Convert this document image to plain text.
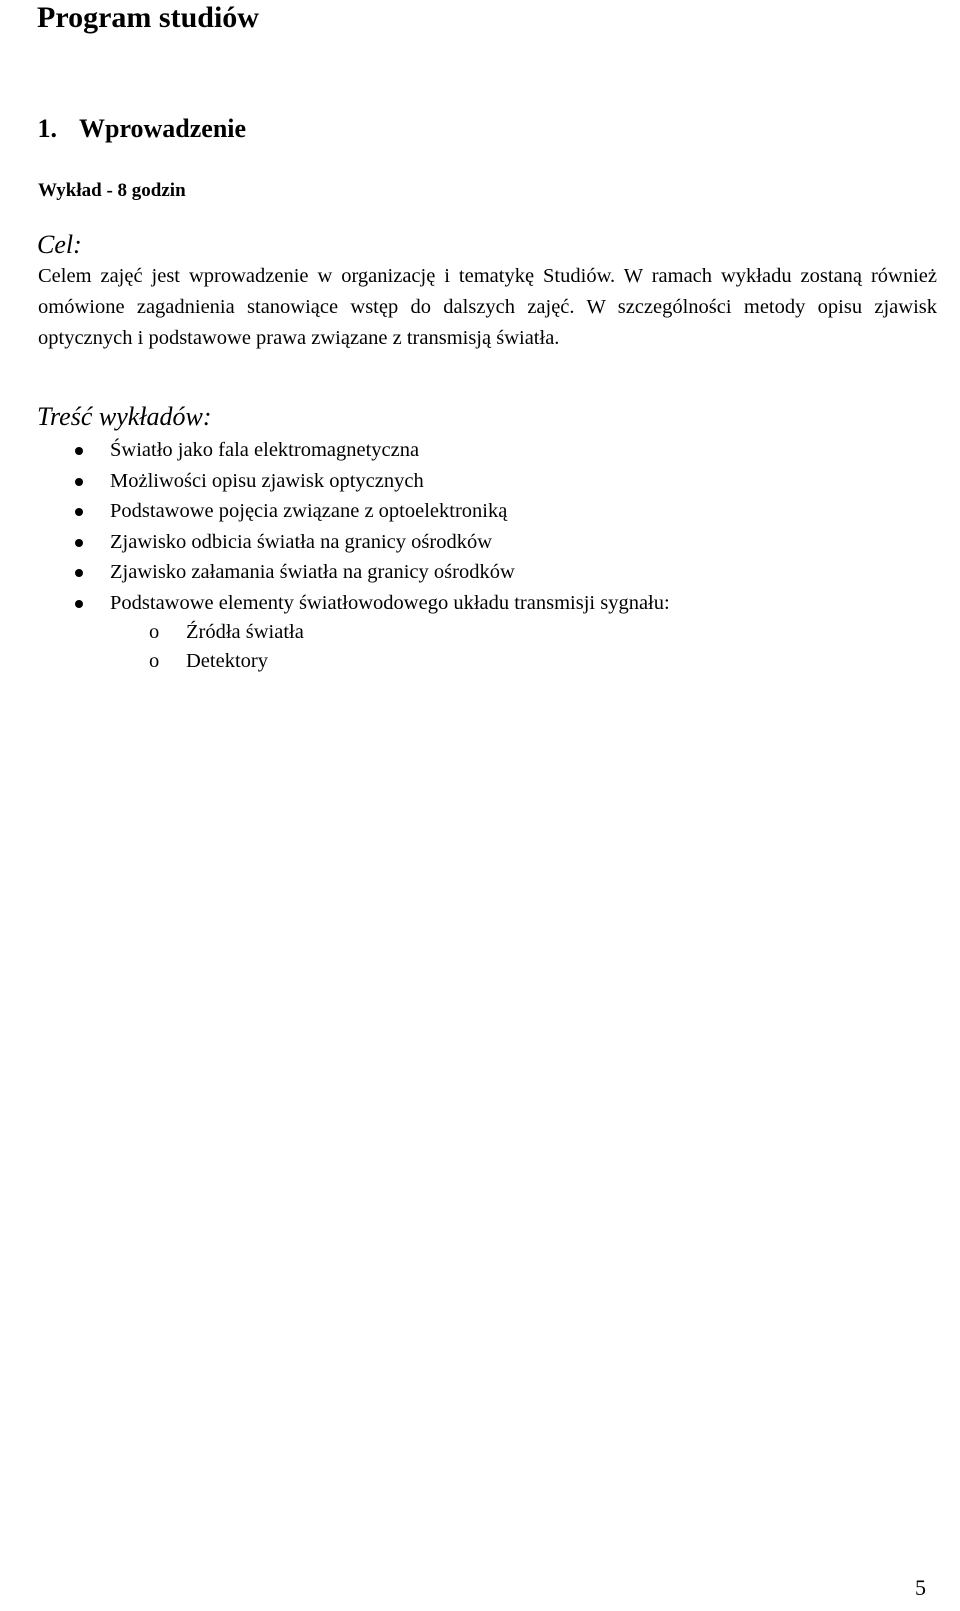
Program studiów
1. Wprowadzenie
Wykład - 8 godzin
Cel:

Celem zajęć jest wprowadzenie w organizację i tematykę Studiów. W ramach wykładu zostaną również omówione zagadnienia stanowiące wstęp do dalszych zajęć. W szczególności metody opisu zjawisk optycznych i podstawowe prawa związane z transmisją światła.

Treść wykładów:
Światło jako fala elektromagnetyczna
Możliwości opisu zjawisk optycznych
Podstawowe pojęcia związane z optoelektroniką
Zjawisko odbicia światła na granicy ośrodków
Zjawisko załamania światła na granicy ośrodków
Podstawowe elementy światłowodowego układu transmisji sygnału:
o Źródła światła
o Detektory
5
